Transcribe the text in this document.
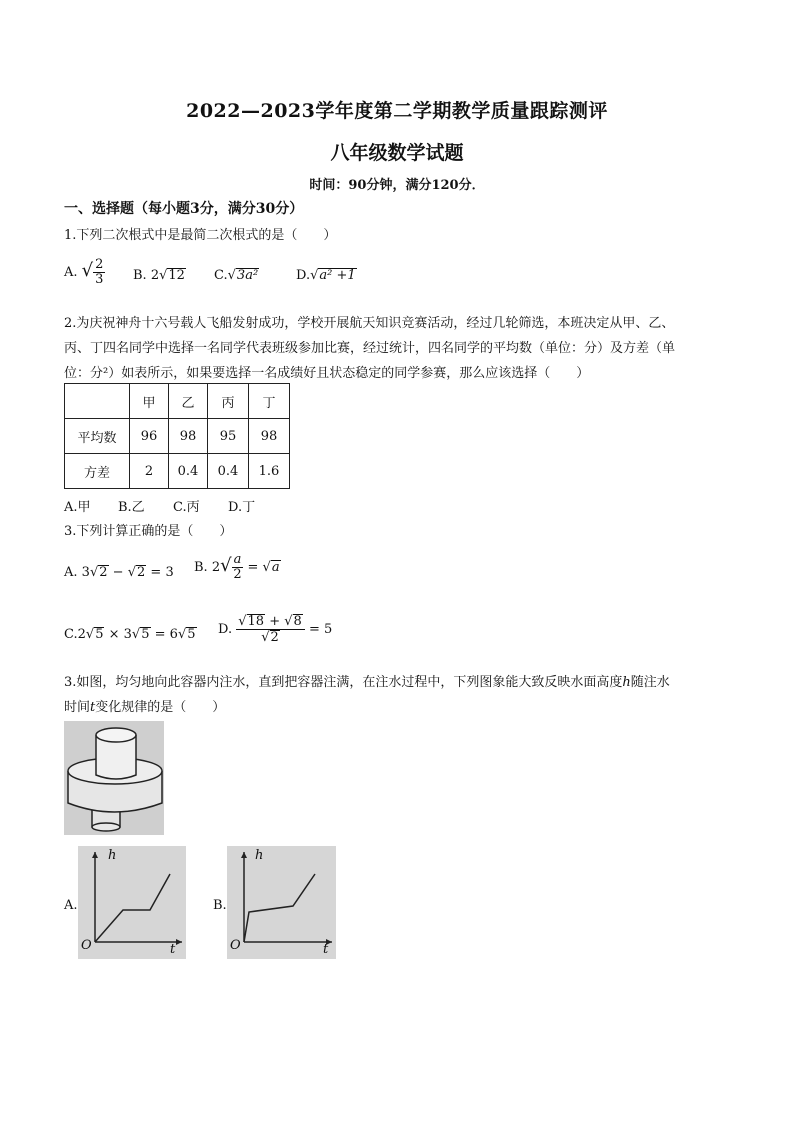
2022—2023学年度第二学期教学质量跟踪测评
八年级数学试题
时间：90分钟，满分120分．
一、选择题（每小题3分，满分30分）
1.下列二次根式中是最简二次根式的是（　　）
A. √ $\frac{2}{3} B$. 2√12 C.√3a²	D.√a² +1
2.为庆祝神舟十六号载人飞船发射成功，学校开展航天知识竞赛活动，经过几轮筛选，本班决定从甲、乙、
丙、丁四名同学中选择一名同学代表班级参加比赛，经过统计，四名同学的平均数（单位：分）及方差（单
位：分²）如表所示，如果要选择一名成绩好且状态稳定的同学参赛，那么应该选择（　　）
	甲	乙	丙	丁
平均数	96	98	95	98
方差	2	0.4	0.4	1.6
A.甲 B.乙 C.丙 D.丁
3.下列计算正确的是（　　）
A. 3√2 − √2 = 3 B. $2√ \frac{a}{2} = √a$
C.2√5 × 3√5 = 6√5 D. $\frac{√18 + √8}{√2} = 5$
3.如图，均匀地向此容器内注水，直到把容器注满，在注水过程中，下列图象能大致反映水面高度h随注水
时间t变化规律的是（　　）
A.
h
t
O
B.
h
t
O
